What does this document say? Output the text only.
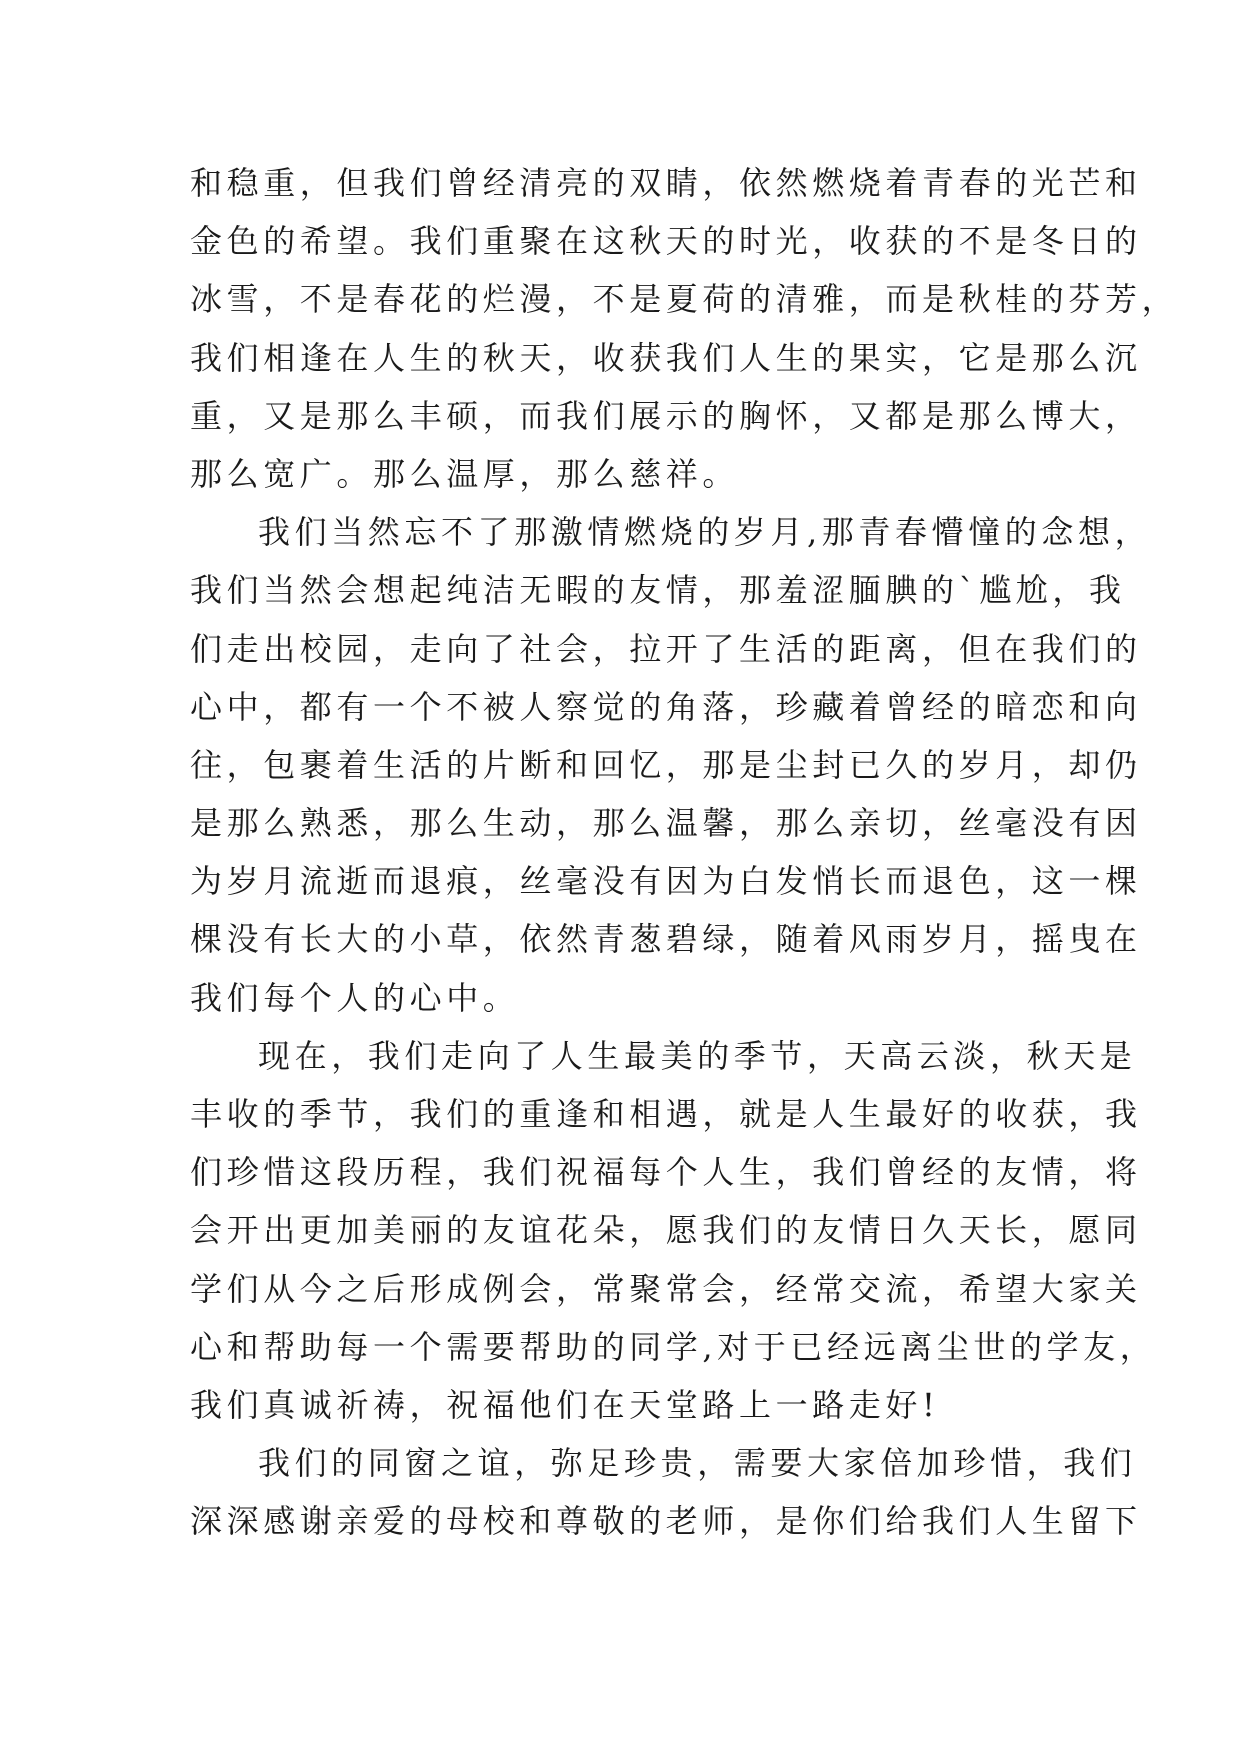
和稳重，但我们曾经清亮的双睛，依然燃烧着青春的光芒和
金色的希望。我们重聚在这秋天的时光，收获的不是冬日的
冰雪，不是春花的烂漫，不是夏荷的清雅，而是秋桂的芬芳，
我们相逢在人生的秋天，收获我们人生的果实，它是那么沉
重，又是那么丰硕，而我们展示的胸怀，又都是那么博大，
那么宽广。那么温厚，那么慈祥。
我们当然忘不了那激情燃烧的岁月,那青春懵憧的念想，
我们当然会想起纯洁无暇的友情，那羞涩腼腆的`尴尬，我
们走出校园，走向了社会，拉开了生活的距离，但在我们的
心中，都有一个不被人察觉的角落，珍藏着曾经的暗恋和向
往，包裹着生活的片断和回忆，那是尘封已久的岁月，却仍
是那么熟悉，那么生动，那么温馨，那么亲切，丝毫没有因
为岁月流逝而退痕，丝毫没有因为白发悄长而退色，这一棵
棵没有长大的小草，依然青葱碧绿，随着风雨岁月，摇曳在
我们每个人的心中。
现在，我们走向了人生最美的季节，天高云淡，秋天是
丰收的季节，我们的重逢和相遇，就是人生最好的收获，我
们珍惜这段历程，我们祝福每个人生，我们曾经的友情，将
会开出更加美丽的友谊花朵，愿我们的友情日久天长，愿同
学们从今之后形成例会，常聚常会，经常交流，希望大家关
心和帮助每一个需要帮助的同学,对于已经远离尘世的学友，
我们真诚祈祷，祝福他们在天堂路上一路走好!
我们的同窗之谊，弥足珍贵，需要大家倍加珍惜，我们
深深感谢亲爱的母校和尊敬的老师，是你们给我们人生留下
